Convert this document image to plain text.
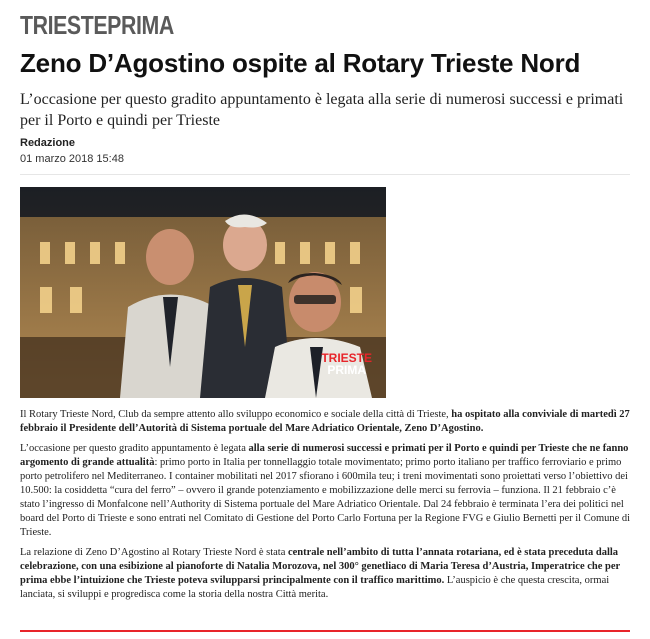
TRIESTEPRIMA
Zeno D’Agostino ospite al Rotary Trieste Nord

L’occasione per questo gradito appuntamento è legata alla serie di numerosi successi e primati per il Porto e quindi per Trieste

Redazione
01 marzo 2018 15:48
TRIESTE
PRIMA

Il Rotary Trieste Nord, Club da sempre attento allo sviluppo economico e sociale della città di Trieste, ha ospitato alla conviviale di martedì 27 febbraio il Presidente dell’Autorità di Sistema portuale del Mare Adriatico Orientale, Zeno D’Agostino.

L’occasione per questo gradito appuntamento è legata alla serie di numerosi successi e primati per il Porto e quindi per Trieste che ne fanno argomento di grande attualità: primo porto in Italia per tonnellaggio totale movimentato; primo porto italiano per traffico ferroviario e primo porto petrolifero nel Mediterraneo. I container mobilitati nel 2017 sfiorano i 600mila teu; i treni movimentati sono proiettati verso l’obiettivo dei 10.500: la cosiddetta “cura del ferro” – ovvero il grande potenziamento e mobilizzazione delle merci su ferrovia – funziona. Il 21 febbraio c’è stato l’ingresso di Monfalcone nell’Authority di Sistema portuale del Mare Adriatico Orientale. Dal 24 febbraio è terminata l’era dei politici nel board del Porto di Trieste e sono entrati nel Comitato di Gestione del Porto Carlo Fortuna per la Regione FVG e Giulio Bernetti per il Comune di Trieste.

La relazione di Zeno D’Agostino al Rotary Trieste Nord è stata centrale nell’ambito di tutta l’annata rotariana, ed è stata preceduta dalla celebrazione, con una esibizione al pianoforte di Natalia Morozova, nel 300° genetliaco di Maria Teresa d’Austria, Imperatrice che per prima ebbe l’intuizione che Trieste poteva svilupparsi principalmente con il traffico marittimo. L’auspicio è che questa crescita, ormai lanciata, si sviluppi e progredisca come la storia della nostra Città merita.
